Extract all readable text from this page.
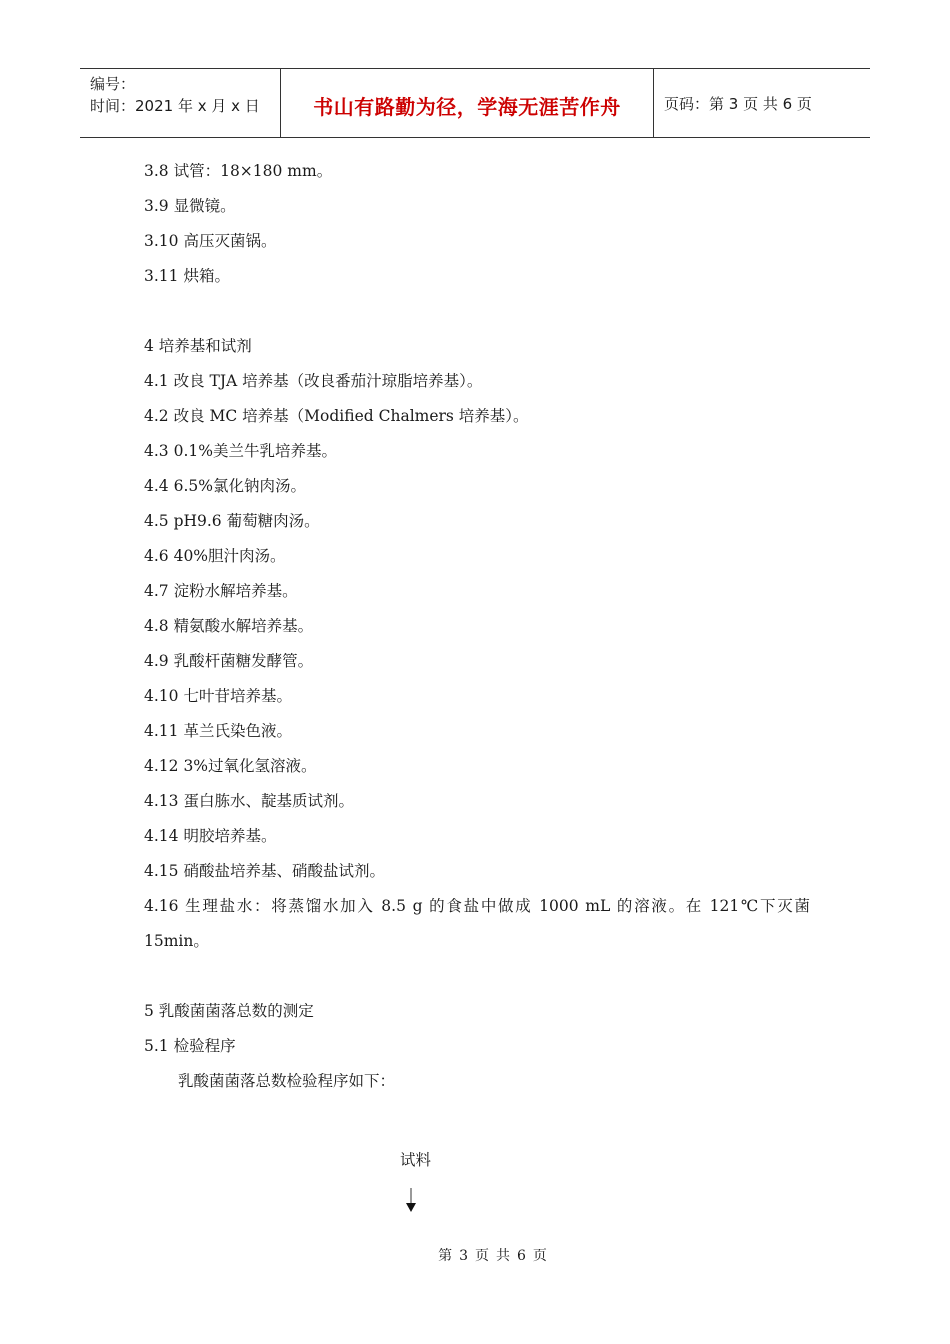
编号：
时间：2021 年 x 月 x 日	书山有路勤为径，学海无涯苦作舟	页码：第 3 页 共 6 页
3.8 试管：18×180 mm。
3.9 显微镜。
3.10 高压灭菌锅。
3.11 烘箱。
4 培养基和试剂
4.1 改良 TJA 培养基（改良番茄汁琼脂培养基）。
4.2 改良 MC 培养基（Modified Chalmers 培养基）。
4.3 0.1%美兰牛乳培养基。
4.4 6.5%氯化钠肉汤。
4.5 pH9.6 葡萄糖肉汤。
4.6 40%胆汁肉汤。
4.7 淀粉水解培养基。
4.8 精氨酸水解培养基。
4.9 乳酸杆菌糖发酵管。
4.10 七叶苷培养基。
4.11 革兰氏染色液。
4.12 3%过氧化氢溶液。
4.13 蛋白胨水、靛基质试剂。
4.14 明胶培养基。
4.15 硝酸盐培养基、硝酸盐试剂。
4.16 生理盐水：将蒸馏水加入 8.5 g 的食盐中做成 1000 mL 的溶液。在 121℃下灭菌
15min。
5 乳酸菌菌落总数的测定
5.1 检验程序
乳酸菌菌落总数检验程序如下：
试料
第 3 页 共 6 页
